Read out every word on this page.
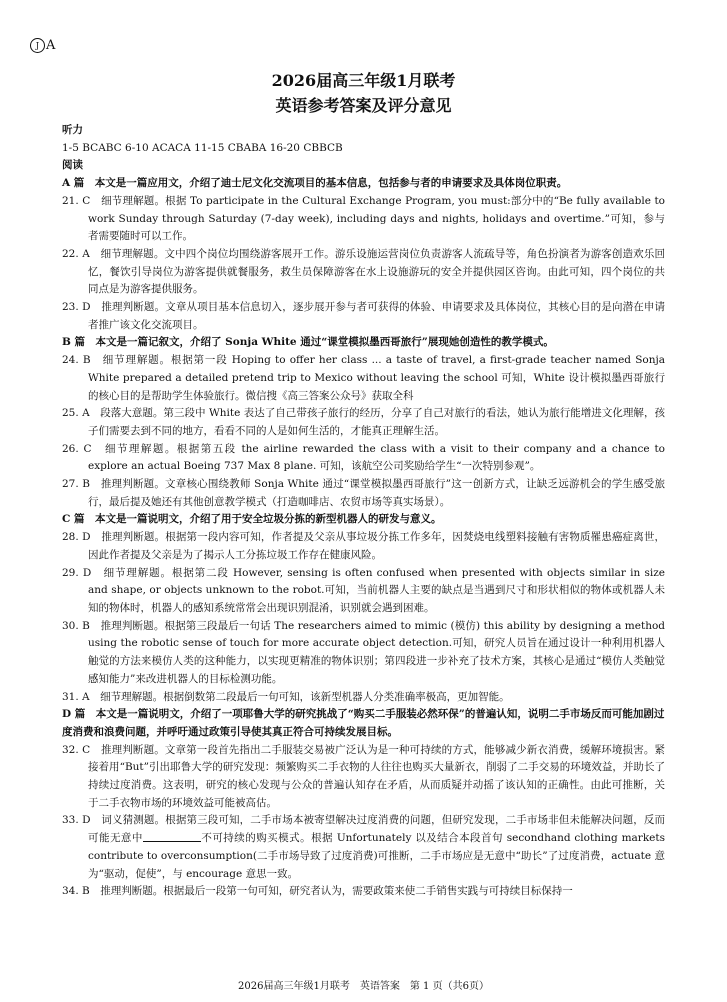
J A
2026届高三年级1月联考
英语参考答案及评分意见

听力

1-5 BCABC 6-10 ACACA 11-15 CBABA 16-20 CBBCB

阅读

A 篇　本文是一篇应用文，介绍了迪士尼文化交流项目的基本信息，包括参与者的申请要求及具体岗位职责。

21. C　细节理解题。根据 To participate in the Cultural Exchange Program, you must:部分中的“Be fully available to work Sunday through Saturday (7-day week), including days and nights, holidays and overtime.”可知，参与者需要随时可以工作。

22. A　细节理解题。文中四个岗位均围绕游客展开工作。游乐设施运营岗位负责游客人流疏导等，角色扮演者为游客创造欢乐回忆，餐饮引导岗位为游客提供就餐服务，救生员保障游客在水上设施游玩的安全并提供园区咨询。由此可知，四个岗位的共同点是为游客提供服务。

23. D　推理判断题。文章从项目基本信息切入，逐步展开参与者可获得的体验、申请要求及具体岗位，其核心目的是向潜在申请者推广该文化交流项目。

B 篇　本文是一篇记叙文，介绍了 Sonja White 通过“课堂模拟墨西哥旅行”展现她创造性的教学模式。

24. B　细节理解题。根据第一段 Hoping to offer her class ... a taste of travel, a first-grade teacher named Sonja White prepared a detailed pretend trip to Mexico without leaving the school 可知，White 设计模拟墨西哥旅行的核心目的是帮助学生体验旅行。微信搜《高三答案公众号》获取全科

25. A　段落大意题。第三段中 White 表达了自己带孩子旅行的经历，分享了自己对旅行的看法，她认为旅行能增进文化理解，孩子们需要去到不同的地方，看看不同的人是如何生活的，才能真正理解生活。

26. C　细节理解题。根据第五段 the airline rewarded the class with a visit to their company and a chance to explore an actual Boeing 737 Max 8 plane. 可知，该航空公司奖励给学生“一次特别参观”。

27. B　推理判断题。文章核心围绕教师 Sonja White 通过“课堂模拟墨西哥旅行”这一创新方式，让缺乏远游机会的学生感受旅行，最后提及她还有其他创意教学模式（打造咖啡店、农贸市场等真实场景）。

C 篇　本文是一篇说明文，介绍了用于安全垃圾分拣的新型机器人的研发与意义。

28. D　推理判断题。根据第一段内容可知，作者提及父亲从事垃圾分拣工作多年，因焚烧电线塑料接触有害物质罹患癌症离世，因此作者提及父亲是为了揭示人工分拣垃圾工作存在健康风险。

29. D　细节理解题。根据第二段 However, sensing is often confused when presented with objects similar in size and shape, or objects unknown to the robot.可知，当前机器人主要的缺点是当遇到尺寸和形状相似的物体或机器人未知的物体时，机器人的感知系统常常会出现识别混淆，识别就会遇到困难。

30. B　推理判断题。根据第三段最后一句话 The researchers aimed to mimic (模仿) this ability by designing a method using the robotic sense of touch for more accurate object detection.可知，研究人员旨在通过设计一种利用机器人触觉的方法来模仿人类的这种能力，以实现更精准的物体识别；第四段进一步补充了技术方案，其核心是通过“模仿人类触觉感知能力”来改进机器人的目标检测功能。

31. A　细节理解题。根据倒数第二段最后一句可知，该新型机器人分类准确率极高，更加智能。

D 篇　本文是一篇说明文，介绍了一项耶鲁大学的研究挑战了“购买二手服装必然环保”的普遍认知，说明二手市场反而可能加剧过度消费和浪费问题，并呼吁通过政策引导使其真正符合可持续发展目标。

32. C　推理判断题。文章第一段首先指出二手服装交易被广泛认为是一种可持续的方式，能够减少新衣消费，缓解环境损害。紧接着用“But”引出耶鲁大学的研究发现：频繁购买二手衣物的人往往也购买大量新衣，削弱了二手交易的环境效益，并助长了持续过度消费。这表明，研究的核心发现与公众的普遍认知存在矛盾，从而质疑并动摇了该认知的正确性。由此可推断，关于二手衣物市场的环境效益可能被高估。

33. D　词义猜测题。根据第三段可知，二手市场本被寄望解决过度消费的问题，但研究发现，二手市场非但未能解决问题，反而可能无意中	不可持续的购买模式。根据 Unfortunately 以及结合本段首句 secondhand clothing markets contribute to overconsumption(二手市场导致了过度消费)可推断，二手市场应是无意中“助长”了过度消费，actuate 意为“驱动，促使”，与 encourage 意思一致。

34. B　推理判断题。根据最后一段第一句可知，研究者认为，需要政策来使二手销售实践与可持续目标保持一

2026届高三年级1月联考　英语答案　第 1 页（共6页）
